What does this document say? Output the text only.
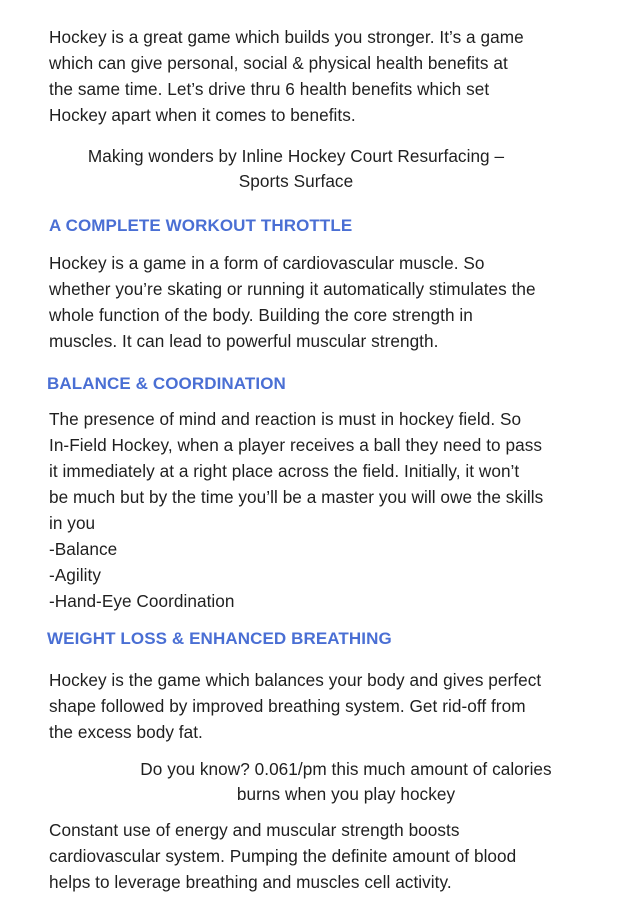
Hockey is a great game which builds you stronger. It’s a game
which can give personal, social & physical health benefits at
the same time. Let’s drive thru 6 health benefits which set
Hockey apart when it comes to benefits.
Making wonders by Inline Hockey Court Resurfacing –
Sports Surface
A COMPLETE WORKOUT THROTTLE
Hockey is a game in a form of cardiovascular muscle. So
whether you’re skating or running it automatically stimulates the
whole function of the body. Building the core strength in
muscles. It can lead to powerful muscular strength.
BALANCE & COORDINATION
The presence of mind and reaction is must in hockey field. So
In-Field Hockey, when a player receives a ball they need to pass
it immediately at a right place across the field. Initially, it won’t
be much but by the time you’ll be a master you will owe the skills
in you
-Balance
-Agility
-Hand-Eye Coordination
WEIGHT LOSS & ENHANCED BREATHING
Hockey is the game which balances your body and gives perfect
shape followed by improved breathing system. Get rid-off from
the excess body fat.
Do you know? 0.061/pm this much amount of calories
burns when you play hockey
Constant use of energy and muscular strength boosts
cardiovascular system. Pumping the definite amount of blood
helps to leverage breathing and muscles cell activity.
